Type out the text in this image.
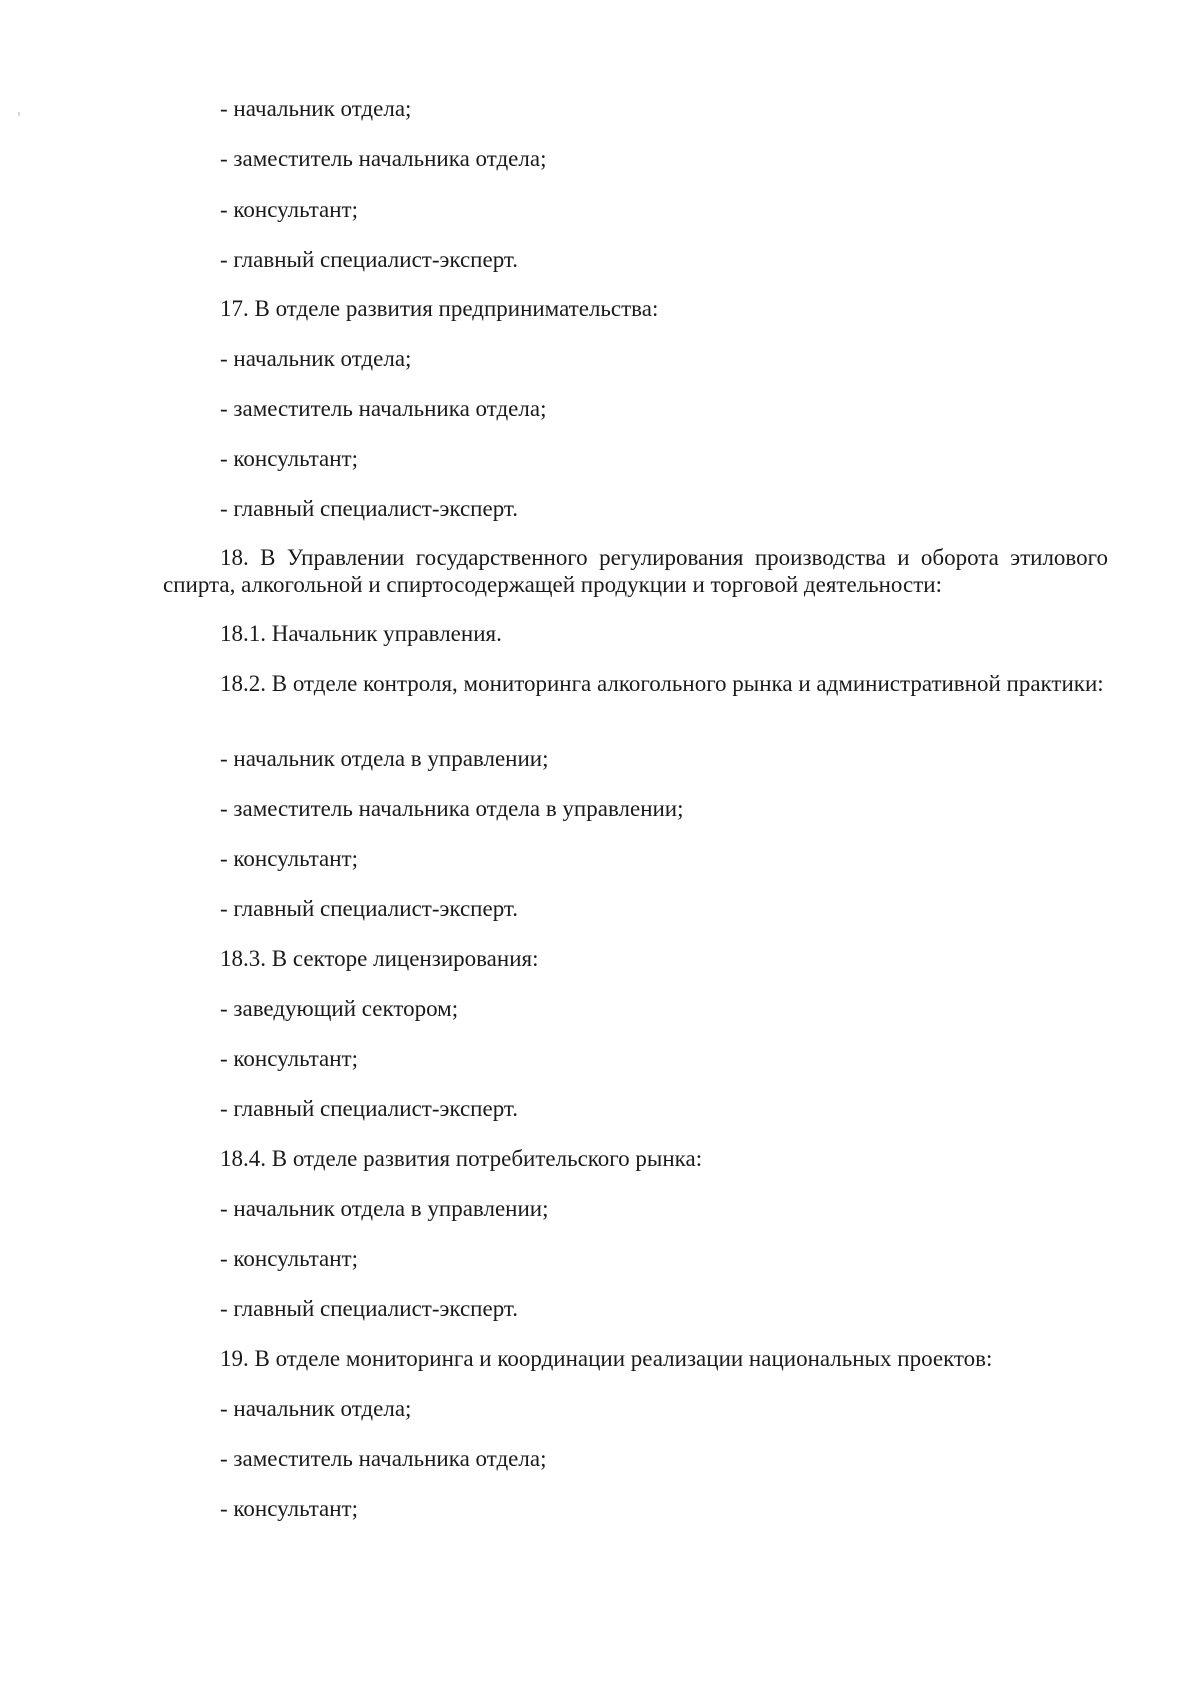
- начальник отдела;

- заместитель начальника отдела;

- консультант;

- главный специалист-эксперт.

17. В отделе развития предпринимательства:

- начальник отдела;

- заместитель начальника отдела;

- консультант;

- главный специалист-эксперт.

18. В Управлении государственного регулирования производства и оборота этилового спирта, алкогольной и спиртосодержащей продукции и торговой деятельности:

18.1. Начальник управления.

18.2. В отделе контроля, мониторинга алкогольного рынка и административной практики:

- начальник отдела в управлении;

- заместитель начальника отдела в управлении;

- консультант;

- главный специалист-эксперт.

18.3. В секторе лицензирования:

- заведующий сектором;

- консультант;

- главный специалист-эксперт.

18.4. В отделе развития потребительского рынка:

- начальник отдела в управлении;

- консультант;

- главный специалист-эксперт.

19. В отделе мониторинга и координации реализации национальных проектов:

- начальник отдела;

- заместитель начальника отдела;

- консультант;
